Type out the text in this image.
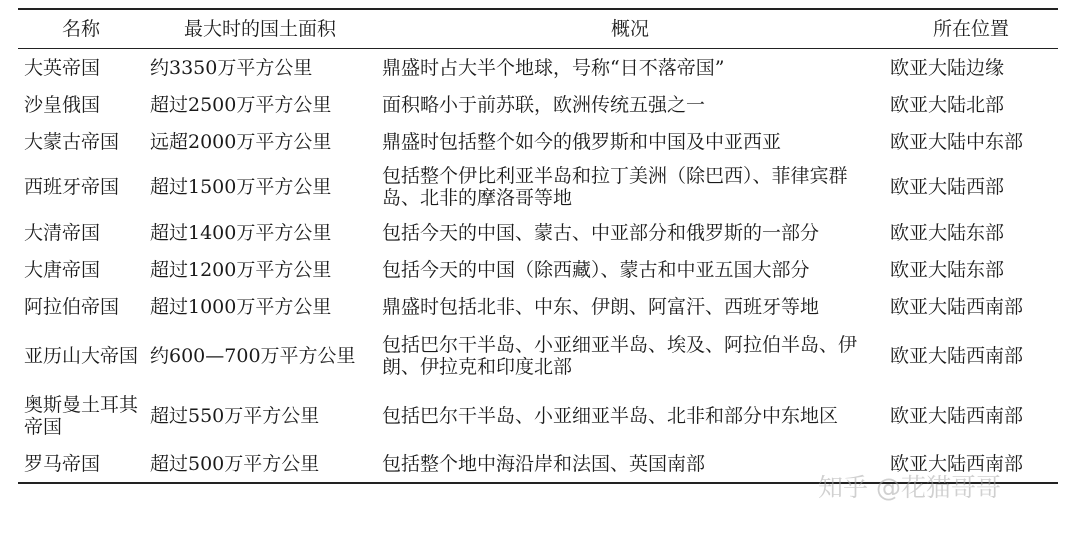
名称	最大时的国土面积	概况	所在位置
大英帝国	约3350万平方公里	鼎盛时占大半个地球，号称“日不落帝国”	欧亚大陆边缘
沙皇俄国	超过2500万平方公里	面积略小于前苏联，欧洲传统五强之一	欧亚大陆北部
大蒙古帝国	远超2000万平方公里	鼎盛时包括整个如今的俄罗斯和中国及中亚西亚	欧亚大陆中东部
西班牙帝国	超过1500万平方公里	包括整个伊比利亚半岛和拉丁美洲（除巴西）、菲律宾群岛、北非的摩洛哥等地	欧亚大陆西部
大清帝国	超过1400万平方公里	包括今天的中国、蒙古、中亚部分和俄罗斯的一部分	欧亚大陆东部
大唐帝国	超过1200万平方公里	包括今天的中国（除西藏）、蒙古和中亚五国大部分	欧亚大陆东部
阿拉伯帝国	超过1000万平方公里	鼎盛时包括北非、中东、伊朗、阿富汗、西班牙等地	欧亚大陆西南部
亚历山大帝国	约600—700万平方公里	包括巴尔干半岛、小亚细亚半岛、埃及、阿拉伯半岛、伊朗、伊拉克和印度北部	欧亚大陆西南部
奥斯曼土耳其帝国	超过550万平方公里	包括巴尔干半岛、小亚细亚半岛、北非和部分中东地区	欧亚大陆西南部
罗马帝国	超过500万平方公里	包括整个地中海沿岸和法国、英国南部	欧亚大陆西南部
知乎 @花猫哥哥
